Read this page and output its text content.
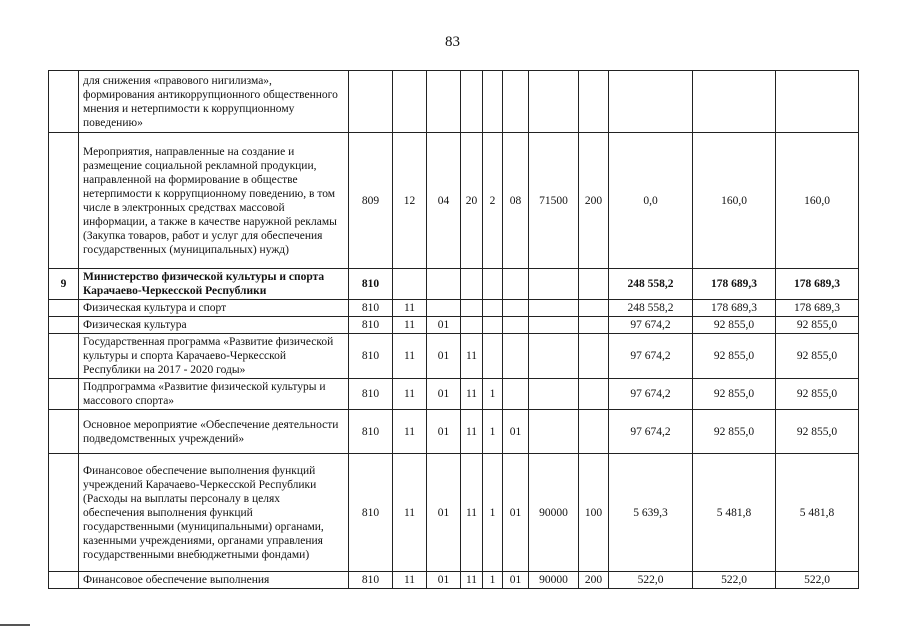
83
	для снижения «правового нигилизма», формирования антикоррупционного общественного мнения и нетерпимости к коррупционному поведению»											
	Мероприятия, направленные на создание и размещение социальной рекламной продукции, направленной на формирование в обществе нетерпимости к коррупционному поведению, в том числе в электронных средствах массовой информации, а также в качестве наружной рекламы (Закупка товаров, работ и услуг для обеспечения государственных (муниципальных) нужд)	809	12	04	20	2	08	71500	200	0,0	160,0	160,0
9	Министерство физической культуры и спорта Карачаево-Черкесской Республики	810								248 558,2	178 689,3	178 689,3
	Физическая культура и спорт	810	11							248 558,2	178 689,3	178 689,3
	Физическая культура	810	11	01						97 674,2	92 855,0	92 855,0
	Государственная программа «Развитие физической культуры и спорта Карачаево-Черкесской Республики на 2017 - 2020 годы»	810	11	01	11					97 674,2	92 855,0	92 855,0
	Подпрограмма «Развитие физической культуры и массового спорта»	810	11	01	11	1				97 674,2	92 855,0	92 855,0
	Основное мероприятие «Обеспечение деятельности подведомственных учреждений»	810	11	01	11	1	01			97 674,2	92 855,0	92 855,0
	Финансовое обеспечение выполнения функций учреждений Карачаево-Черкесской Республики (Расходы на выплаты персоналу в целях обеспечения выполнения функций государственными (муниципальными) органами, казенными учреждениями, органами управления государственными внебюджетными фондами)	810	11	01	11	1	01	90000	100	5 639,3	5 481,8	5 481,8
	Финансовое обеспечение выполнения	810	11	01	11	1	01	90000	200	522,0	522,0	522,0
